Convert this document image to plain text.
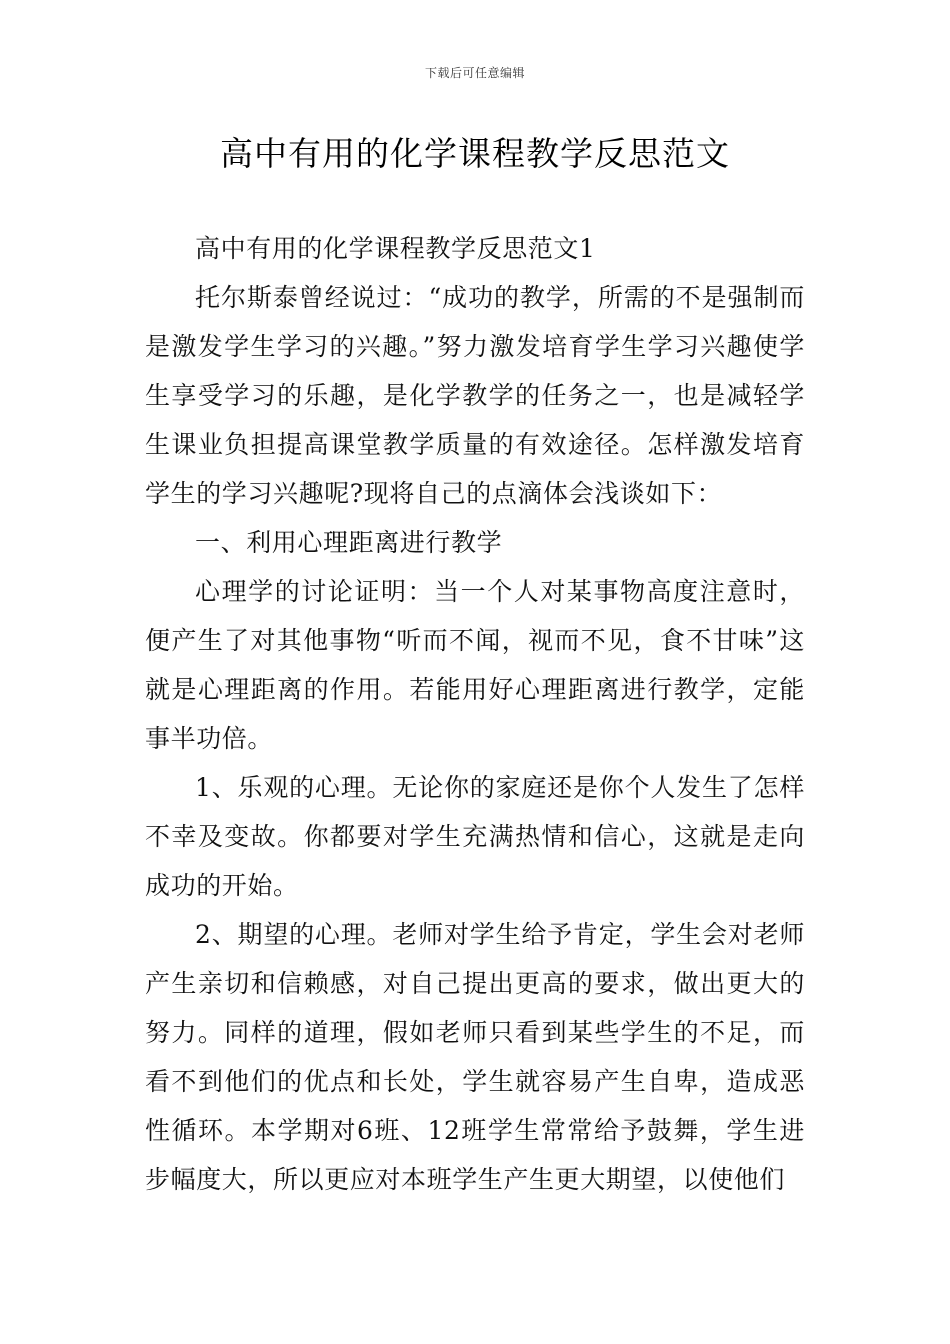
下载后可任意编辑
高中有用的化学课程教学反思范文

高中有用的化学课程教学反思范文1

托尔斯泰曾经说过：“成功的教学，所需的不是强制而是激发学生学习的兴趣。”努力激发培育学生学习兴趣使学生享受学习的乐趣，是化学教学的任务之一，也是减轻学生课业负担提高课堂教学质量的有效途径。怎样激发培育学生的学习兴趣呢?现将自己的点滴体会浅谈如下：

一、利用心理距离进行教学

心理学的讨论证明：当一个人对某事物高度注意时，便产生了对其他事物“听而不闻，视而不见，食不甘味”这就是心理距离的作用。若能用好心理距离进行教学，定能事半功倍。

1、乐观的心理。无论你的家庭还是你个人发生了怎样不幸及变故。你都要对学生充满热情和信心，这就是走向成功的开始。

2、期望的心理。老师对学生给予肯定，学生会对老师产生亲切和信赖感，对自己提出更高的要求，做出更大的努力。同样的道理，假如老师只看到某些学生的不足，而看不到他们的优点和长处，学生就容易产生自卑，造成恶性循环。本学期对6班、12班学生常常给予鼓舞，学生进步幅度大，所以更应对本班学生产生更大期望，以使他们
